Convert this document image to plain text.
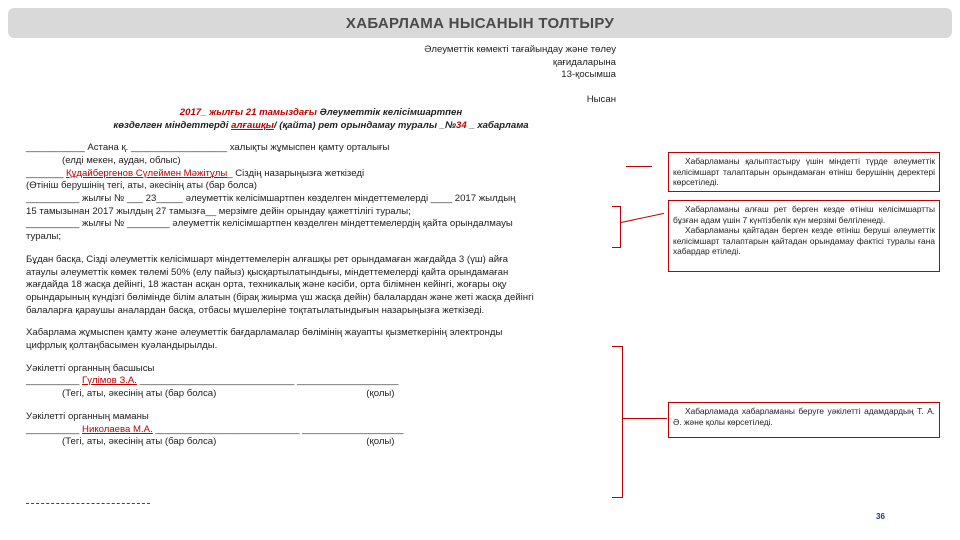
ХАБАРЛАМА НЫСАНЫН ТОЛТЫРУ
Әлеуметтік көмекті тағайындау және төлеу
қағидаларына
13-қосымша
Нысан
2017_ жылғы 21 тамыздағы Әлеуметтік келісімшартпен
көзделген міндеттерді алғашқы/ (қайта) рет орындамау туралы _№34 _ хабарлама
___________ Астана қ. __________________ халықты жұмыспен қамту орталығы
(елді мекен, аудан, облыс)
_______ Құдайбергенов Сүлеймен Мәжітұлы_ Сіздің назарыңызға жеткізеді
(Өтініш берушінің тегі, аты, әкесінің аты (бар болса)
__________ жылғы № ___ 23_____ әлеуметтік келісімшартпен көзделген міндеттемелерді ____ 2017 жылдың
15 тамызынан 2017 жылдың 27 тамызға__ мерзімге дейін орындау қажеттілігі туралы;
__________ жылғы № ________ әлеуметтік келісімшартпен көзделген міндеттемелердің қайта орындалмауы
туралы;
Бұдан басқа, Сізді әлеуметтік келісімшарт міндеттемелерін алғашқы рет орындамаған жағдайда 3 (үш) айға
атаулы әлеуметтік көмек төлемі 50% (елу пайыз) қысқартылатындығы, міндеттемелерді қайта орындамаған
жағдайда 18 жасқа дейінгі, 18 жастан асқан орта, техникалық және кәсіби, орта білімнен кейінгі, жоғары оқу
орындарының күндізгі бөлімінде білім алатын (бірақ жиырма үш жасқа дейін) балалардан және жеті жасқа дейінгі
балаларға қараушы аналардан басқа, отбасы мүшелеріне тоқтатылатындығын назарыңызға жеткізеді.
Хабарлама жұмыспен қамту және әлеуметтік бағдарламалар бөлімінің жауапты қызметкерінің электронды
цифрлық қолтаңбасымен куәландырылды.
Уәкілетті органның басшысы
__________ Гүлімов З.А. _____________________________ ___________________
(Тегі, аты, әкесінің аты (бар болса)	(қолы)
Уәкілетті органның маманы
__________ Николаева М.А. ___________________________ ___________________
(Тегі, аты, әкесінің аты (бар болса)	(қолы)

Хабарламаны қалыптастыру үшін міндетті түрде әлеуметтік келісімшарт талаптарын орындамаған өтініш берушінің деректері көрсетіледі.

Хабарламаны алғаш рет берген кезде өтініш келісімшартты бұзған адам үшін 7 күнтізбелік күн мерзімі белгіленеді.

Хабарламаны қайтадан берген кезде өтініш беруші әлеуметтік келісімшарт талаптарын қайтадан орындамау фактісі туралы ғана хабардар етіледі.

Хабарламада хабарламаны беруге уәкілетті адамдардың Т. А. Ә. және қолы көрсетіледі.

36
